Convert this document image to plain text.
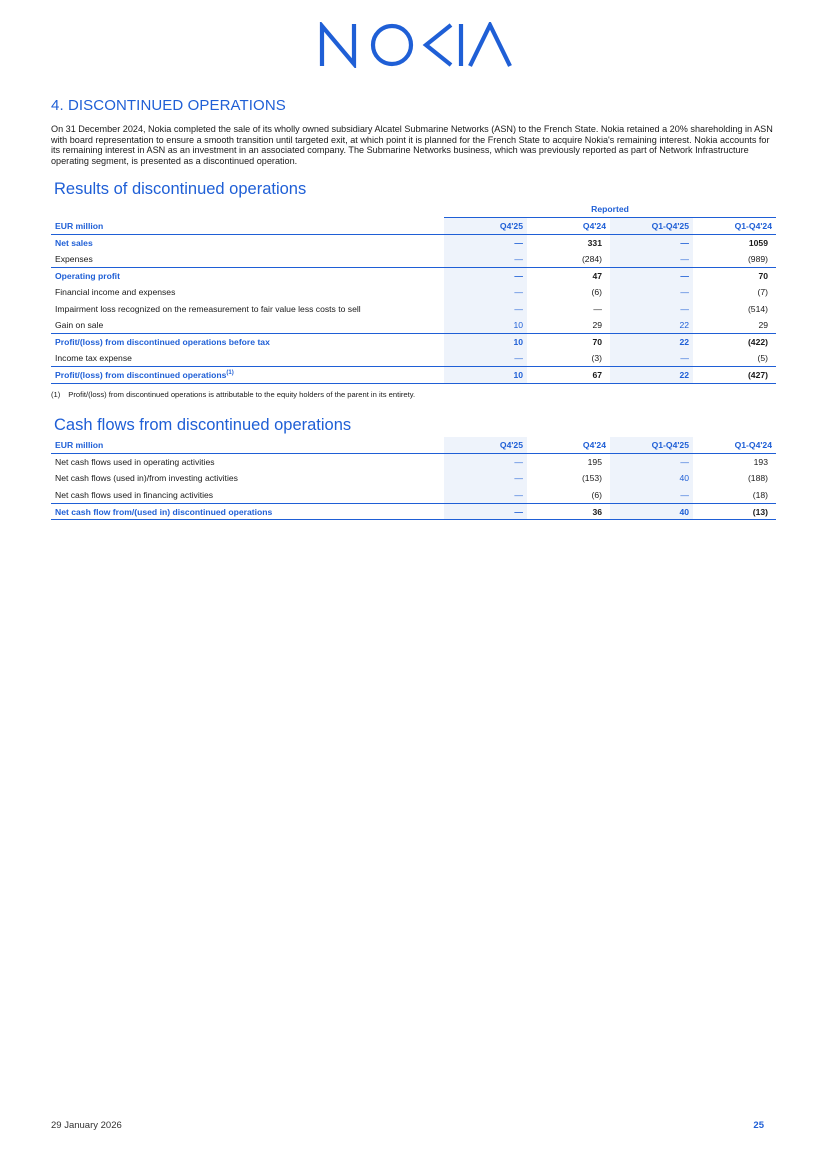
4. DISCONTINUED OPERATIONS
On 31 December 2024, Nokia completed the sale of its wholly owned subsidiary Alcatel Submarine Networks (ASN) to the French State. Nokia retained a 20% shareholding in ASN with board representation to ensure a smooth transition until targeted exit, at which point it is planned for the French State to acquire Nokia's remaining interest. Nokia accounts for its remaining interest in ASN as an investment in an associated company. The Submarine Networks business, which was previously reported as part of Network Infrastructure operating segment, is presented as a discontinued operation.
Results of discontinued operations
	Reported			
EUR million	Q4'25	Q4'24	Q1-Q4'25	Q1-Q4'24
Net sales	—	331	—	1059
Expenses	—	(284)	—	(989)
Operating profit	—	47	—	70
Financial income and expenses	—	(6)	—	(7)
Impairment loss recognized on the remeasurement to fair value less costs to sell	—	—	—	(514)
Gain on sale	10	29	22	29
Profit/(loss) from discontinued operations before tax	10	70	22	(422)
Income tax expense	—	(3)	—	(5)
Profit/(loss) from discontinued operations$^{(1)}$	10	67	22	(427)
(1) Profit/(loss) from discontinued operations is attributable to the equity holders of the parent in its entirety.
Cash flows from discontinued operations
EUR million	Q4'25	Q4'24	Q1-Q4'25	Q1-Q4'24
Net cash flows used in operating activities	—	195	—	193
Net cash flows (used in)/from investing activities	—	(153)	40	(188)
Net cash flows used in financing activities	—	(6)	—	(18)
Net cash flow from/(used in) discontinued operations	—	36	40	(13)
29 January 2026	25
